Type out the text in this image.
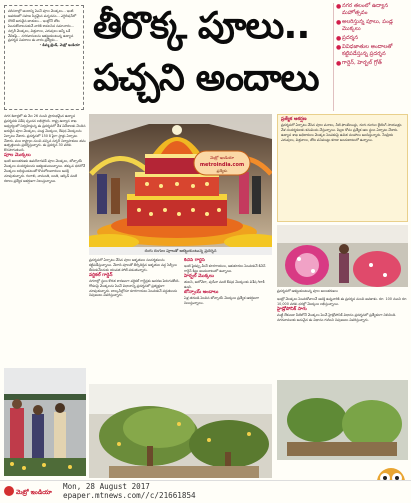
పరిసరాల్లో అందాన్ని పెంచే పూల మొక్కలు... ఇంటి ఆవరణలో సహజ సిద్ధమైన పచ్చదనం... ఎగ్జిబిషన్‌లో దొరికే అరుదైన జాతులు... ఇంట్లోనే తోట పెంచుకోవాలనుకునే వారికి కావలసిన సమాచారం... నర్సరీ మొక్కలు, విత్తనాలు, ఎరువులు అన్నీ ఒకే వేదికపై... నగరవాసులను ఆకట్టుకుంటున్న ఉద్యాన ప్రదర్శన వివరాలు ఈ వారం ప్రత్యేకం...
- డిమ్మ ట్రెండ్, మెట్రో ఇండియా తీరొక్క పూలు..
పచ్చని అందాలు
● నగర తలంలో ఉద్యాన మహోత్సవం
● అలరిస్తున్న పూలు, పండ్ల మొక్కలు
● ప్రదర్శన
● వివిధజాతుల అందాలతో కట్టిపడేస్తున్న ప్రదర్శన
● గార్డెన్, హెర్బల్ గ్రోత్
మెట్రో ఇండియా
metroindia.com
ప్రత్యేకం
రంగు రంగుల పూలతో ఆకట్టుకుంటున్న ప్రదర్శన
నగర శివార్లలో ఈ నెల 26 నుంచి ప్రారంభమైన ఉద్యాన ప్రదర్శనకు విశేష స్పందన లభిస్తోంది. రాష్ట్ర ఉద్యాన శాఖ ఆధ్వర్యంలో నిర్వహిస్తున్న ఈ ప్రదర్శనలో దేశ విదేశాలకు చెందిన అరుదైన పూల మొక్కలు, పండ్ల మొక్కలు, ఔషధ మొక్కలను ఏర్పాటు చేశారు. ప్రదర్శనలో 150 కి పైగా స్టాళ్లు ఏర్పాటు చేశారు. పలు రాష్ట్రాల నుంచి వచ్చిన నర్సరీ నిర్వాహకులు తమ ఉత్పత్తులను ప్రదర్శిస్తున్నారు. ఈ ప్రదర్శన 30 వరకు కొనసాగుతుంది.
పూల మొక్కలు
ఇంటి అలంకరణకు ఉపయోగపడే పూల మొక్కలు, బోన్సాయ్ మొక్కలు సందర్శకులను ఆకట్టుకుంటున్నాయి. తక్కువ ధరలోనే మొక్కలు లభిస్తుండటంతో కొనుగోలుదారులు ఆసక్తి చూపుతున్నారు. గులాబి, చామంతి, బంతి, ఆర్కిడ్ వంటి రకాలు ప్రత్యేక ఆకర్షణగా నిలుస్తున్నాయి.
ప్రదర్శనలో ఏర్పాటు చేసిన పూల ఆకృతులు సందర్శకులను కట్టిపడేస్తున్నాయి. వేలాది పూలతో తీర్చిదిద్దిన ఆకృతుల వద్ద సెల్ఫీలు తీసుకునేందుకు యువత పోటీ పడుతున్నారు.
వర్టికల్ గార్డెన్
నగరాల్లో స్థలం కొరత కారణంగా వర్టికల్ గార్డెన్లకు ఆదరణ పెరుగుతోంది. గోడలపై మొక్కలను పెంచే విధానాన్ని ప్రదర్శనలో ప్రత్యక్షంగా చూపుతున్నారు. బాల్కనీల్లోనూ కూరగాయలు పెంచుకునే పద్ధతులను నిపుణులు వివరిస్తున్నారు.
కిచెన్ గార్డెన్
ఇంటి పైకప్పు మీదే కూరగాయలు, ఆకుకూరలు పెంచుకునే కిచెన్ గార్డెన్ కిట్లు అందుబాటులో ఉన్నాయి.
హెర్బల్ మొక్కలు
తులసి, అలోవెరా, పుదీనా వంటి ఔషధ మొక్కలకు విశేష గిరాకీ ఉంది.
బోన్సాయ్ అందాలు
ఏళ్ల తరబడి పెంచిన బోన్సాయ్ మొక్కలు ప్రత్యేక ఆకర్షణగా నిలుస్తున్నాయి.
ప్రత్యేక ఆకర్షణ
ప్రదర్శనలో ఏర్పాటు చేసిన పూల వనాలు, నీటి ఫౌంటెయిన్లు, రంగు రంగుల లైటింగ్ సాయంత్రం వేళ సందర్శకులకు కనువిందు చేస్తున్నాయి. పిల్లల కోసం ప్రత్యేక ఆట స్థలం ఏర్పాటు చేశారు. ఉద్యాన శాఖ అధికారులు మొక్కల పెంపకంపై ఉచిత సలహాలు అందిస్తున్నారు. సేంద్రియ ఎరువులు, విత్తనాలు, తోట పనిముట్లు కూడా అందుబాటులో ఉన్నాయి.
ప్రదర్శనలో ఆకట్టుకుంటున్న పూల అలంకరణలు
ఇంట్లో మొక్కలు పెంచుకోవాలనే ఆసక్తి ఉన్నవారికి ఈ ప్రదర్శన మంచి అవకాశం. రూ. 100 నుంచి రూ. 10,000 వరకు ధరల్లో మొక్కలు లభిస్తున్నాయి.
హైడ్రోపోనిక్ సాగు
మట్టి లేకుండా నీటిలోనే మొక్కలు పెంచే హైడ్రోపోనిక్ విధానం ప్రదర్శనలో ప్రత్యేకంగా నిలిచింది. నగరవాసులకు అనువైన ఈ విధానం గురించి నిపుణులు వివరిస్తున్నారు.
మెట్రో ఇండియా
Mon, 28 August 2017
epaper.mtnews.com//c/21661854
